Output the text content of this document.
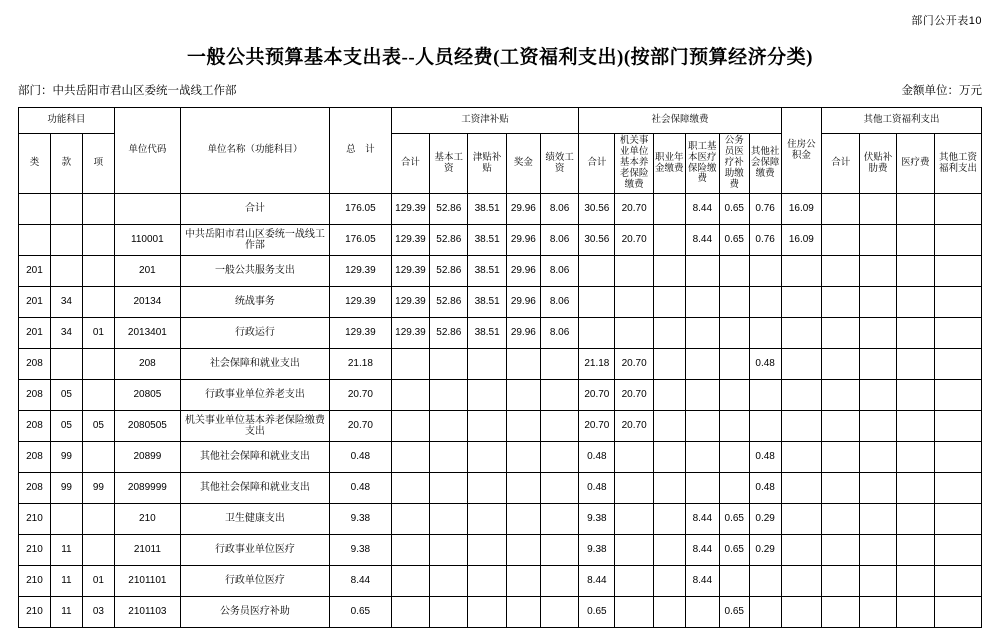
部门公开表10
一般公共预算基本支出表--人员经费(工资福利支出)(按部门预算经济分类)
部门：中共岳阳市君山区委统一战线工作部	金额单位：万元
功能科目			单位代码	单位名称（功能科目）	总　计	工资津补贴					社会保障缴费						住房公积金	其他工资福利支出			
类	款	项				合计	基本工资	津贴补贴	奖金	绩效工资	合计	机关事业单位基本养老保险缴费	职业年金缴费	职工基本医疗保险缴费	公务员医疗补助缴费	其他社会保障缴费		合计	伏贴补肋费	医疗费	其他工资福利支出
				合计	176.05	129.39	52.86	38.51	29.96	8.06	30.56	20.70		8.44	0.65	0.76	16.09				
			110001	中共岳阳市君山区委统一战线工作部	176.05	129.39	52.86	38.51	29.96	8.06	30.56	20.70		8.44	0.65	0.76	16.09				
201			201	一般公共服务支出	129.39	129.39	52.86	38.51	29.96	8.06											
201	34		20134	统战事务	129.39	129.39	52.86	38.51	29.96	8.06											
201	34	01	2013401	行政运行	129.39	129.39	52.86	38.51	29.96	8.06											
208			208	社会保障和就业支出	21.18						21.18	20.70				0.48					
208	05		20805	行政事业单位养老支出	20.70						20.70	20.70									
208	05	05	2080505	机关事业单位基本养老保险缴费支出	20.70						20.70	20.70									
208	99		20899	其他社会保障和就业支出	0.48						0.48					0.48					
208	99	99	2089999	其他社会保障和就业支出	0.48						0.48					0.48					
210			210	卫生健康支出	9.38						9.38			8.44	0.65	0.29					
210	11		21011	行政事业单位医疗	9.38						9.38			8.44	0.65	0.29					
210	11	01	2101101	行政单位医疗	8.44						8.44			8.44							
210	11	03	2101103	公务员医疗补助	0.65						0.65				0.65						
